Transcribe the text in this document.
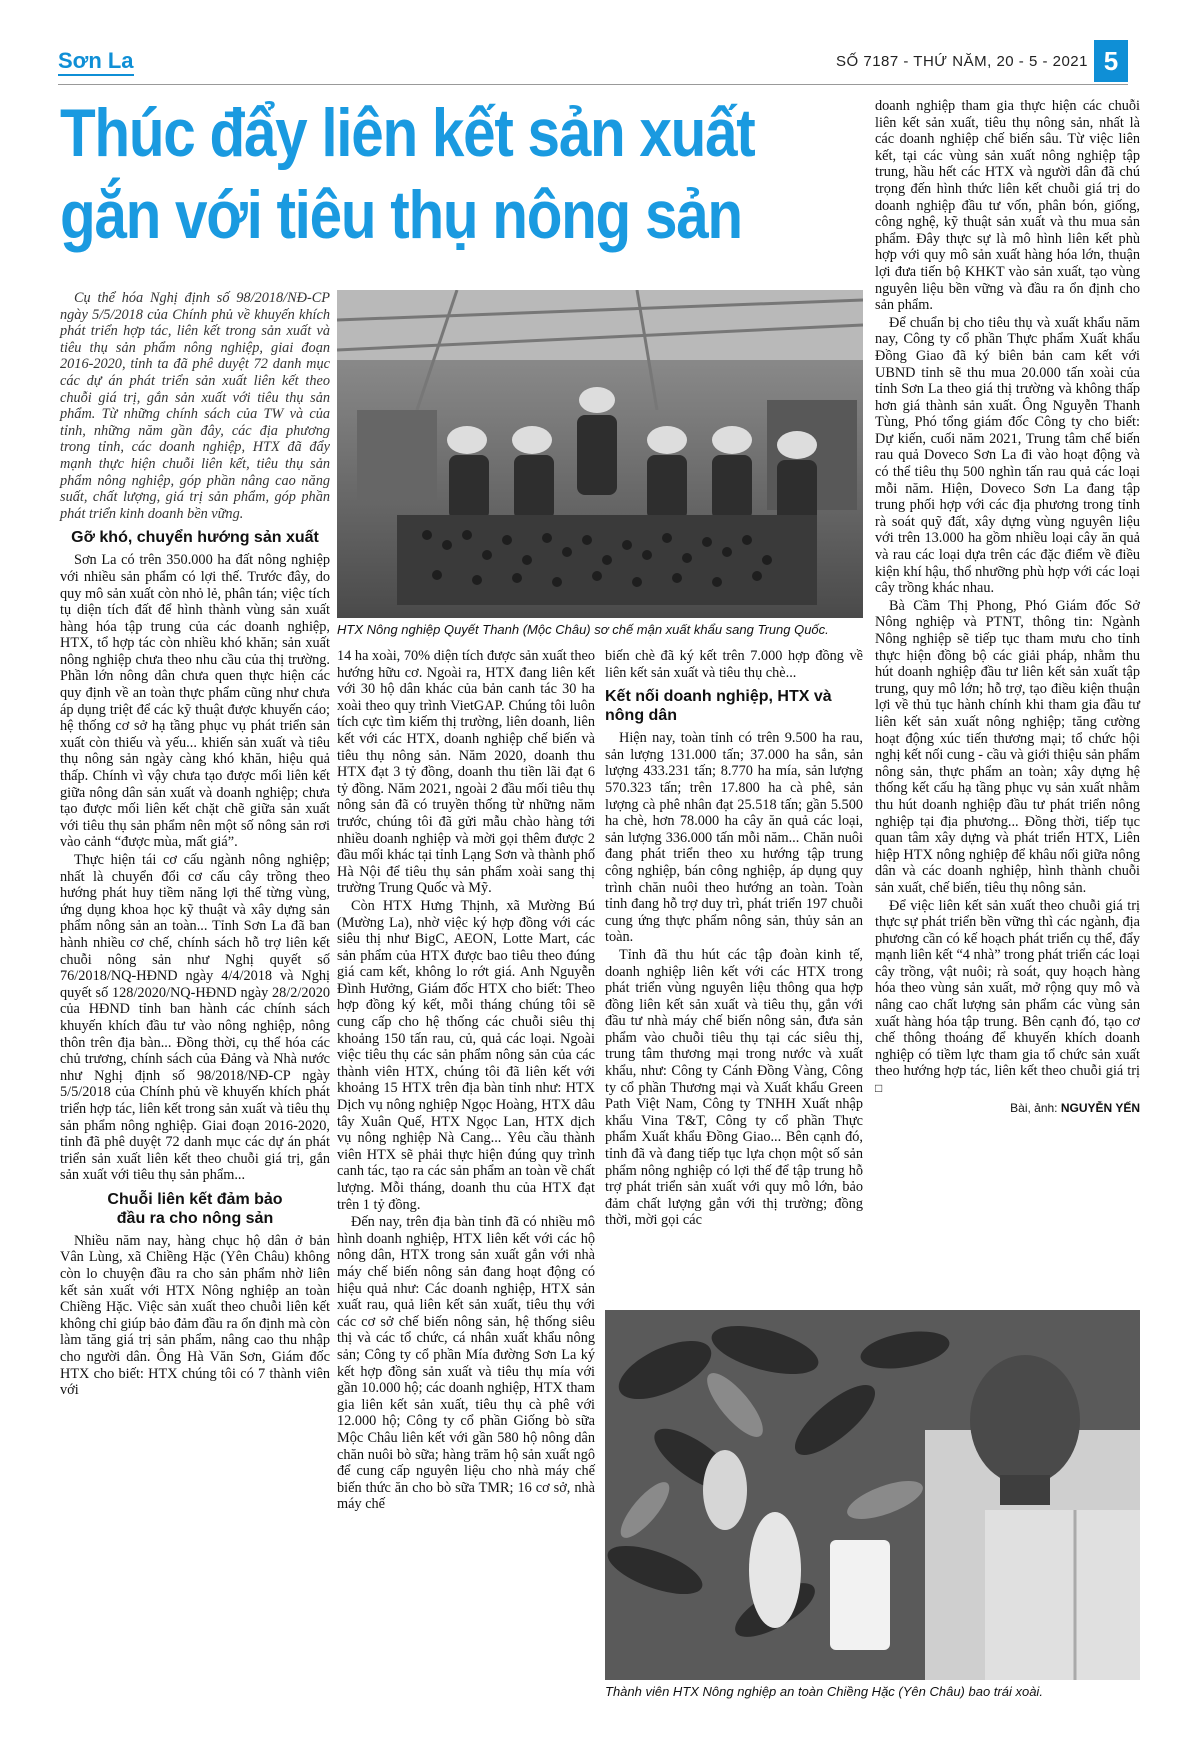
Sơn La	SỐ 7187 - THỨ NĂM, 20 - 5 - 2021 5
Thúc đẩy liên kết sản xuất
gắn với tiêu thụ nông sản
HTX Nông nghiệp Quyết Thanh (Mộc Châu) sơ chế mận xuất khẩu sang Trung Quốc.

Cụ thể hóa Nghị định số 98/2018/NĐ-CP ngày 5/5/2018 của Chính phủ về khuyến khích phát triển hợp tác, liên kết trong sản xuất và tiêu thụ sản phẩm nông nghiệp, giai đoạn 2016-2020, tỉnh ta đã phê duyệt 72 danh mục các dự án phát triển sản xuất liên kết theo chuỗi giá trị, gắn sản xuất với tiêu thụ sản phẩm. Từ những chính sách của TW và của tỉnh, những năm gần đây, các địa phương trong tỉnh, các doanh nghiệp, HTX đã đẩy mạnh thực hiện chuỗi liên kết, tiêu thụ sản phẩm nông nghiệp, góp phần nâng cao năng suất, chất lượng, giá trị sản phẩm, góp phần phát triển kinh doanh bền vững.

Gỡ khó, chuyển hướng sản xuất

Sơn La có trên 350.000 ha đất nông nghiệp với nhiều sản phẩm có lợi thế. Trước đây, do quy mô sản xuất còn nhỏ lẻ, phân tán; việc tích tụ diện tích đất để hình thành vùng sản xuất hàng hóa tập trung của các doanh nghiệp, HTX, tổ hợp tác còn nhiều khó khăn; sản xuất nông nghiệp chưa theo nhu cầu của thị trường. Phần lớn nông dân chưa quen thực hiện các quy định về an toàn thực phẩm cũng như chưa áp dụng triệt để các kỹ thuật được khuyến cáo; hệ thống cơ sở hạ tầng phục vụ phát triển sản xuất còn thiếu và yếu... khiến sản xuất và tiêu thụ nông sản ngày càng khó khăn, hiệu quả thấp. Chính vì vậy chưa tạo được mối liên kết giữa nông dân sản xuất và doanh nghiệp; chưa tạo được mối liên kết chặt chẽ giữa sản xuất với tiêu thụ sản phẩm nên một số nông sản rơi vào cảnh “được mùa, mất giá”.

Thực hiện tái cơ cấu ngành nông nghiệp; nhất là chuyển đổi cơ cấu cây trồng theo hướng phát huy tiềm năng lợi thế từng vùng, ứng dụng khoa học kỹ thuật và xây dựng sản phẩm nông sản an toàn... Tỉnh Sơn La đã ban hành nhiều cơ chế, chính sách hỗ trợ liên kết chuỗi nông sản như Nghị quyết số 76/2018/NQ-HĐND ngày 4/4/2018 và Nghị quyết số 128/2020/NQ-HĐND ngày 28/2/2020 của HĐND tỉnh ban hành các chính sách khuyến khích đầu tư vào nông nghiệp, nông thôn trên địa bàn... Đồng thời, cụ thể hóa các chủ trương, chính sách của Đảng và Nhà nước như Nghị định số 98/2018/NĐ-CP ngày 5/5/2018 của Chính phủ về khuyến khích phát triển hợp tác, liên kết trong sản xuất và tiêu thụ sản phẩm nông nghiệp. Giai đoạn 2016-2020, tỉnh đã phê duyệt 72 danh mục các dự án phát triển sản xuất liên kết theo chuỗi giá trị, gắn sản xuất với tiêu thụ sản phẩm...

Chuỗi liên kết đảm bảo
đầu ra cho nông sản

Nhiều năm nay, hàng chục hộ dân ở bản Vân Lùng, xã Chiềng Hặc (Yên Châu) không còn lo chuyện đầu ra cho sản phẩm nhờ liên kết sản xuất với HTX Nông nghiệp an toàn Chiềng Hặc. Việc sản xuất theo chuỗi liên kết không chỉ giúp bảo đảm đầu ra ổn định mà còn làm tăng giá trị sản phẩm, nâng cao thu nhập cho người dân. Ông Hà Văn Sơn, Giám đốc HTX cho biết: HTX chúng tôi có 7 thành viên với

14 ha xoài, 70% diện tích được sản xuất theo hướng hữu cơ. Ngoài ra, HTX đang liên kết với 30 hộ dân khác của bản canh tác 30 ha xoài theo quy trình VietGAP. Chúng tôi luôn tích cực tìm kiếm thị trường, liên doanh, liên kết với các HTX, doanh nghiệp chế biến và tiêu thụ nông sản. Năm 2020, doanh thu HTX đạt 3 tỷ đồng, doanh thu tiền lãi đạt 6 tỷ đồng. Năm 2021, ngoài 2 đầu mối tiêu thụ nông sản đã có truyền thống từ những năm trước, chúng tôi đã gửi mẫu chào hàng tới nhiều doanh nghiệp và mời gọi thêm được 2 đầu mối khác tại tỉnh Lạng Sơn và thành phố Hà Nội để tiêu thụ sản phẩm xoài sang thị trường Trung Quốc và Mỹ.

Còn HTX Hưng Thịnh, xã Mường Bú (Mường La), nhờ việc ký hợp đồng với các siêu thị như BigC, AEON, Lotte Mart, các sản phẩm của HTX được bao tiêu theo đúng giá cam kết, không lo rớt giá. Anh Nguyễn Đình Hưởng, Giám đốc HTX cho biết: Theo hợp đồng ký kết, mỗi tháng chúng tôi sẽ cung cấp cho hệ thống các chuỗi siêu thị khoảng 150 tấn rau, củ, quả các loại. Ngoài việc tiêu thụ các sản phẩm nông sản của các thành viên HTX, chúng tôi đã liên kết với khoảng 15 HTX trên địa bàn tỉnh như: HTX Dịch vụ nông nghiệp Ngọc Hoàng, HTX dâu tây Xuân Quế, HTX Ngọc Lan, HTX dịch vụ nông nghiệp Nà Cang... Yêu cầu thành viên HTX sẽ phải thực hiện đúng quy trình canh tác, tạo ra các sản phẩm an toàn về chất lượng. Mỗi tháng, doanh thu của HTX đạt trên 1 tỷ đồng.

Đến nay, trên địa bàn tỉnh đã có nhiều mô hình doanh nghiệp, HTX liên kết với các hộ nông dân, HTX trong sản xuất gắn với nhà máy chế biến nông sản đang hoạt động có hiệu quả như: Các doanh nghiệp, HTX sản xuất rau, quả liên kết sản xuất, tiêu thụ với các cơ sở chế biến nông sản, hệ thống siêu thị và các tổ chức, cá nhân xuất khẩu nông sản; Công ty cổ phần Mía đường Sơn La ký kết hợp đồng sản xuất và tiêu thụ mía với gần 10.000 hộ; các doanh nghiệp, HTX tham gia liên kết sản xuất, tiêu thụ cà phê với 12.000 hộ; Công ty cổ phần Giống bò sữa Mộc Châu liên kết với gần 580 hộ nông dân chăn nuôi bò sữa; hàng trăm hộ sản xuất ngô để cung cấp nguyên liệu cho nhà máy chế biến thức ăn cho bò sữa TMR; 16 cơ sở, nhà máy chế

biến chè đã ký kết trên 7.000 hợp đồng về liên kết sản xuất và tiêu thụ chè...

Kết nối doanh nghiệp, HTX và nông dân

Hiện nay, toàn tỉnh có trên 9.500 ha rau, sản lượng 131.000 tấn; 37.000 ha sắn, sản lượng 433.231 tấn; 8.770 ha mía, sản lượng 570.323 tấn; trên 17.800 ha cà phê, sản lượng cà phê nhân đạt 25.518 tấn; gần 5.500 ha chè, hơn 78.000 ha cây ăn quả các loại, sản lượng 336.000 tấn mỗi năm... Chăn nuôi đang phát triển theo xu hướng tập trung công nghiệp, bán công nghiệp, áp dụng quy trình chăn nuôi theo hướng an toàn. Toàn tỉnh đang hỗ trợ duy trì, phát triển 197 chuỗi cung ứng thực phẩm nông sản, thủy sản an toàn.

Tỉnh đã thu hút các tập đoàn kinh tế, doanh nghiệp liên kết với các HTX trong phát triển vùng nguyên liệu thông qua hợp đồng liên kết sản xuất và tiêu thụ, gắn với đầu tư nhà máy chế biến nông sản, đưa sản phẩm vào chuỗi tiêu thụ tại các siêu thị, trung tâm thương mại trong nước và xuất khẩu, như: Công ty Cánh Đồng Vàng, Công ty cổ phần Thương mại và Xuất khẩu Green Path Việt Nam, Công ty TNHH Xuất nhập khẩu Vina T&T, Công ty cổ phần Thực phẩm Xuất khẩu Đồng Giao... Bên cạnh đó, tỉnh đã và đang tiếp tục lựa chọn một số sản phẩm nông nghiệp có lợi thế để tập trung hỗ trợ phát triển sản xuất với quy mô lớn, bảo đảm chất lượng gắn với thị trường; đồng thời, mời gọi các

doanh nghiệp tham gia thực hiện các chuỗi liên kết sản xuất, tiêu thụ nông sản, nhất là các doanh nghiệp chế biến sâu. Từ việc liên kết, tại các vùng sản xuất nông nghiệp tập trung, hầu hết các HTX và người dân đã chú trọng đến hình thức liên kết chuỗi giá trị do doanh nghiệp đầu tư vốn, phân bón, giống, công nghệ, kỹ thuật sản xuất và thu mua sản phẩm. Đây thực sự là mô hình liên kết phù hợp với quy mô sản xuất hàng hóa lớn, thuận lợi đưa tiến bộ KHKT vào sản xuất, tạo vùng nguyên liệu bền vững và đầu ra ổn định cho sản phẩm.

Để chuẩn bị cho tiêu thụ và xuất khẩu năm nay, Công ty cổ phần Thực phẩm Xuất khẩu Đồng Giao đã ký biên bản cam kết với UBND tỉnh sẽ thu mua 20.000 tấn xoài của tỉnh Sơn La theo giá thị trường và không thấp hơn giá thành sản xuất. Ông Nguyễn Thanh Tùng, Phó tổng giám đốc Công ty cho biết: Dự kiến, cuối năm 2021, Trung tâm chế biến rau quả Doveco Sơn La đi vào hoạt động và có thể tiêu thụ 500 nghìn tấn rau quả các loại mỗi năm. Hiện, Doveco Sơn La đang tập trung phối hợp với các địa phương trong tỉnh rà soát quỹ đất, xây dựng vùng nguyên liệu với trên 13.000 ha gồm nhiều loại cây ăn quả và rau các loại dựa trên các đặc điểm về điều kiện khí hậu, thổ nhưỡng phù hợp với các loại cây trồng khác nhau.

Bà Cầm Thị Phong, Phó Giám đốc Sở Nông nghiệp và PTNT, thông tin: Ngành Nông nghiệp sẽ tiếp tục tham mưu cho tỉnh thực hiện đồng bộ các giải pháp, nhằm thu hút doanh nghiệp đầu tư liên kết sản xuất tập trung, quy mô lớn; hỗ trợ, tạo điều kiện thuận lợi về thủ tục hành chính khi tham gia đầu tư liên kết sản xuất nông nghiệp; tăng cường hoạt động xúc tiến thương mại; tổ chức hội nghị kết nối cung - cầu và giới thiệu sản phẩm nông sản, thực phẩm an toàn; xây dựng hệ thống kết cấu hạ tầng phục vụ sản xuất nhằm thu hút doanh nghiệp đầu tư phát triển nông nghiệp tại địa phương... Đồng thời, tiếp tục quan tâm xây dựng và phát triển HTX, Liên hiệp HTX nông nghiệp để khâu nối giữa nông dân và các doanh nghiệp, hình thành chuỗi sản xuất, chế biến, tiêu thụ nông sản.

Để việc liên kết sản xuất theo chuỗi giá trị thực sự phát triển bền vững thì các ngành, địa phương cần có kế hoạch phát triển cụ thể, đẩy mạnh liên kết “4 nhà” trong phát triển các loại cây trồng, vật nuôi; rà soát, quy hoạch hàng hóa theo vùng sản xuất, mở rộng quy mô và nâng cao chất lượng sản phẩm các vùng sản xuất hàng hóa tập trung. Bên cạnh đó, tạo cơ chế thông thoáng để khuyến khích doanh nghiệp có tiềm lực tham gia tổ chức sản xuất theo hướng hợp tác, liên kết theo chuỗi giá trị □

Bài, ảnh: NGUYỄN YẾN

Thành viên HTX Nông nghiệp an toàn Chiềng Hặc (Yên Châu) bao trái xoài.
